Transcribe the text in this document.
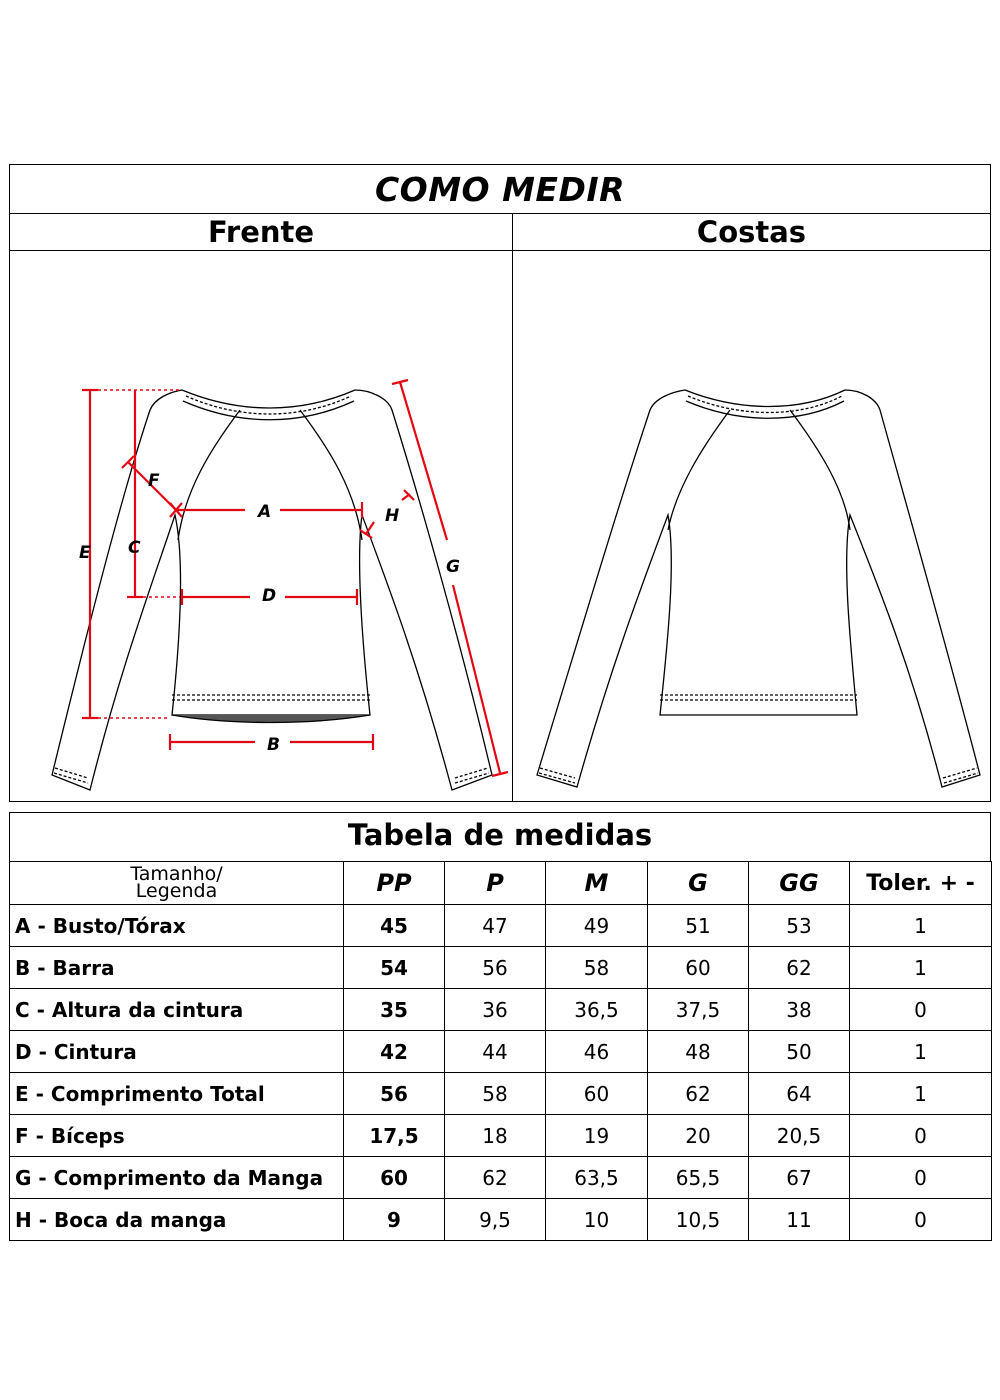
COMO MEDIR
Frente	Costas
A
B
C
D
E
F
G
H
Tabela de medidas
Tamanho/
Legenda	PP	P	M	G	GG	Toler. + -
A - Busto/Tórax	45	47	49	51	53	1
B - Barra	54	56	58	60	62	1
C - Altura da cintura	35	36	36,5	37,5	38	0
D - Cintura	42	44	46	48	50	1
E - Comprimento Total	56	58	60	62	64	1
F - Bíceps	17,5	18	19	20	20,5	0
G - Comprimento da Manga	60	62	63,5	65,5	67	0
H - Boca da manga	9	9,5	10	10,5	11	0
